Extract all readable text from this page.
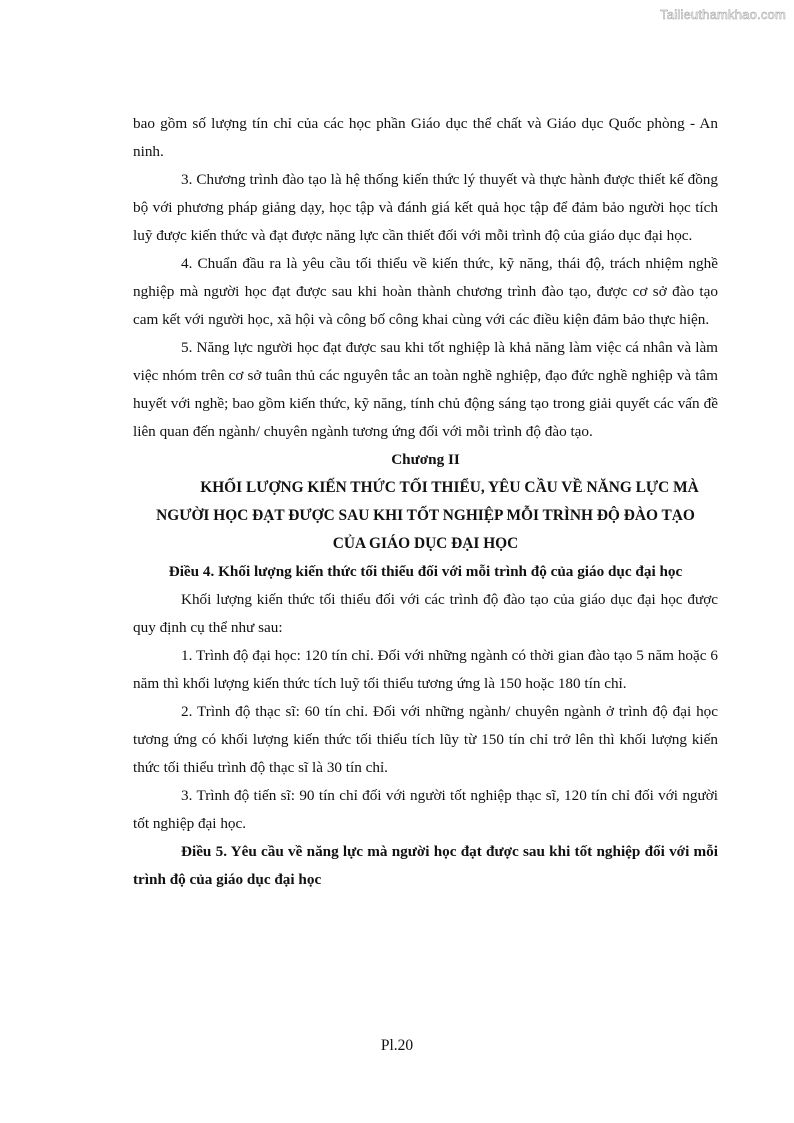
Tailieuthamkhao.com

bao gồm số lượng tín chỉ của các học phần Giáo dục thể chất và Giáo dục Quốc phòng - An ninh.

3. Chương trình đào tạo là hệ thống kiến thức lý thuyết và thực hành được thiết kế đồng bộ với phương pháp giảng dạy, học tập và đánh giá kết quả học tập để đảm bảo người học tích luỹ được kiến thức và đạt được năng lực cần thiết đối với mỗi trình độ của giáo dục đại học.

4. Chuẩn đầu ra là yêu cầu tối thiểu về kiến thức, kỹ năng, thái độ, trách nhiệm nghề nghiệp mà người học đạt được sau khi hoàn thành chương trình đào tạo, được cơ sở đào tạo cam kết với người học, xã hội và công bố công khai cùng với các điều kiện đảm bảo thực hiện.

5. Năng lực người học đạt được sau khi tốt nghiệp là khả năng làm việc cá nhân và làm việc nhóm trên cơ sở tuân thủ các nguyên tắc an toàn nghề nghiệp, đạo đức nghề nghiệp và tâm huyết với nghề; bao gồm kiến thức, kỹ năng, tính chủ động sáng tạo trong giải quyết các vấn đề liên quan đến ngành/ chuyên ngành tương ứng đối với mỗi trình độ đào tạo.

Chương II
KHỐI LƯỢNG KIẾN THỨC TỐI THIỂU, YÊU CẦU VỀ NĂNG LỰC MÀ
NGƯỜI HỌC ĐẠT ĐƯỢC SAU KHI TỐT NGHIỆP MỖI TRÌNH ĐỘ ĐÀO TẠO
CỦA GIÁO DỤC ĐẠI HỌC
Điều 4. Khối lượng kiến thức tối thiểu đối với mỗi trình độ của giáo dục đại học

Khối lượng kiến thức tối thiểu đối với các trình độ đào tạo của giáo dục đại học được quy định cụ thể như sau:

1. Trình độ đại học: 120 tín chỉ. Đối với những ngành có thời gian đào tạo 5 năm hoặc 6 năm thì khối lượng kiến thức tích luỹ tối thiểu tương ứng là 150 hoặc 180 tín chỉ.

2. Trình độ thạc sĩ: 60 tín chỉ. Đối với những ngành/ chuyên ngành ở trình độ đại học tương ứng có khối lượng kiến thức tối thiểu tích lũy từ 150 tín chỉ trở lên thì khối lượng kiến thức tối thiểu trình độ thạc sĩ là 30 tín chỉ.

3. Trình độ tiến sĩ: 90 tín chỉ đối với người tốt nghiệp thạc sĩ, 120 tín chỉ đối với người tốt nghiệp đại học.

Điều 5. Yêu cầu về năng lực mà người học đạt được sau khi tốt nghiệp đối với mỗi trình độ của giáo dục đại học

Pl.20
